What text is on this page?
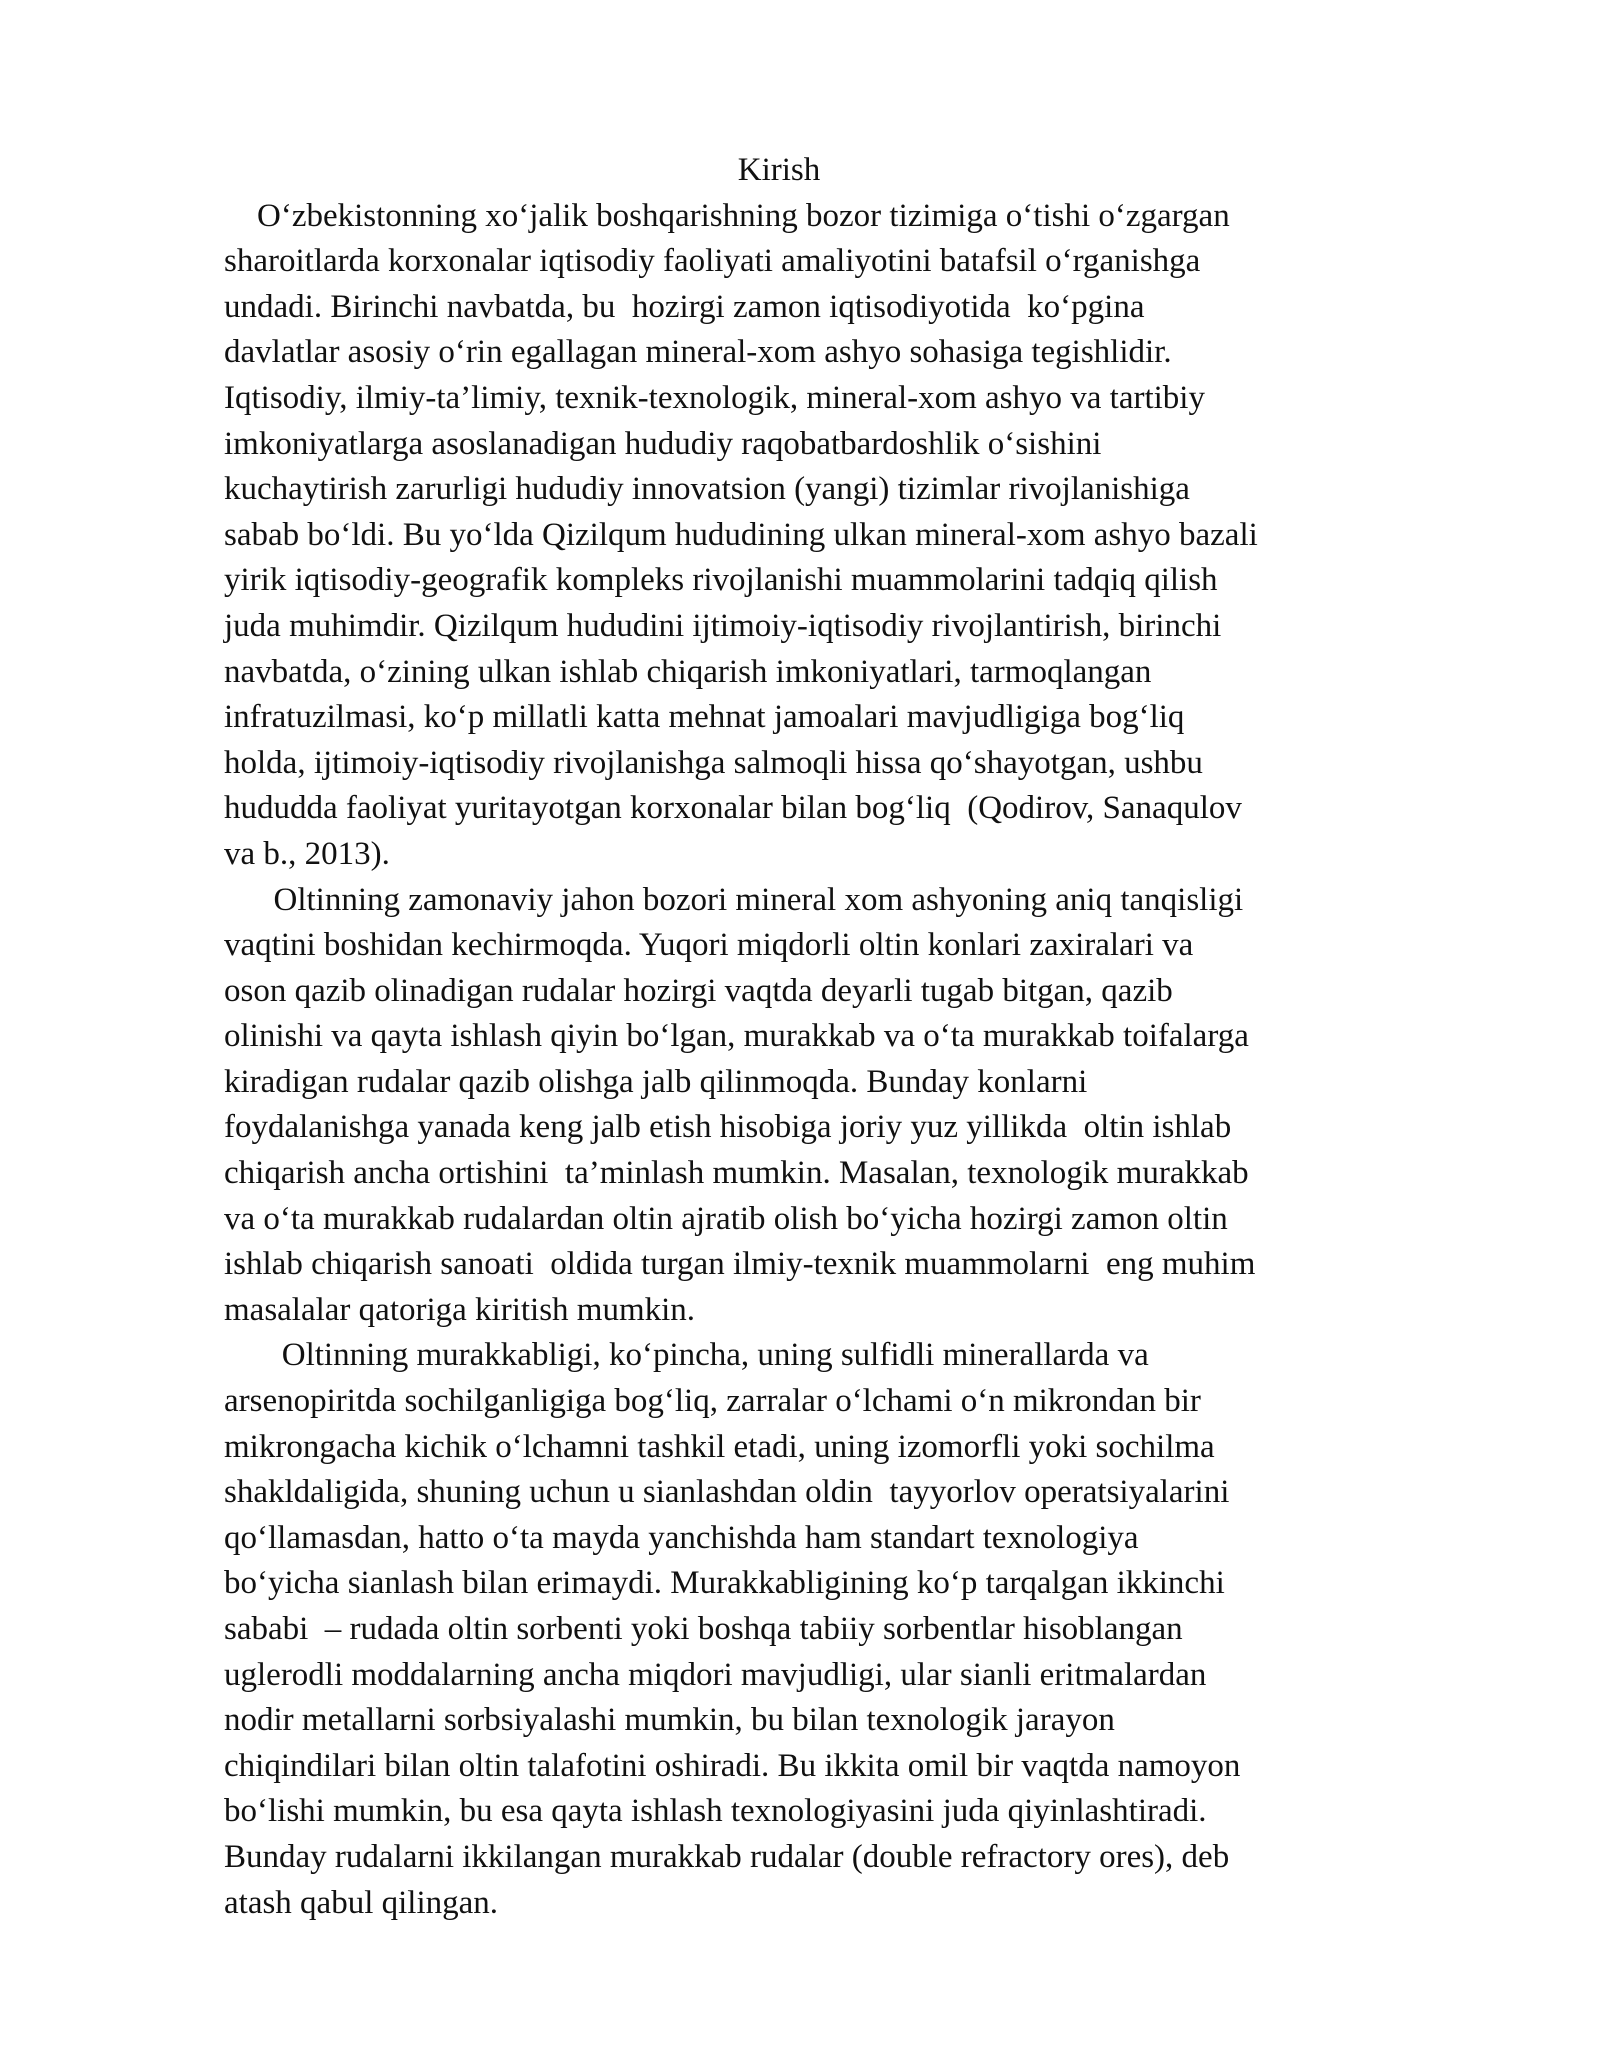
Kirish
Oʻzbekistonning xoʻjalik boshqarishning bozor tizimiga oʻtishi oʻzgargan
sharoitlarda korxonalar iqtisodiy faoliyati amaliyotini batafsil oʻrganishga
undadi. Birinchi navbatda, bu  hozirgi zamon iqtisodiyotida  koʻpgina
davlatlar asosiy oʻrin egallagan mineral-xom ashyo sohasiga tegishlidir.
Iqtisodiy, ilmiy-ta’limiy, texnik-texnologik, mineral-xom ashyo va tartibiy
imkoniyatlarga asoslanadigan hududiy raqobatbardoshlik oʻsishini
kuchaytirish zarurligi hududiy innovatsion (yangi) tizimlar rivojlanishiga
sabab boʻldi. Bu yoʻlda Qizilqum hududining ulkan mineral-xom ashyo bazali
yirik iqtisodiy-geografik kompleks rivojlanishi muammolarini tadqiq qilish
juda muhimdir. Qizilqum hududini ijtimoiy-iqtisodiy rivojlantirish, birinchi
navbatda, oʻzining ulkan ishlab chiqarish imkoniyatlari, tarmoqlangan
infratuzilmasi, koʻp millatli katta mehnat jamoalari mavjudligiga bogʻliq
holda, ijtimoiy-iqtisodiy rivojlanishga salmoqli hissa qoʻshayotgan, ushbu
hududda faoliyat yuritayotgan korxonalar bilan bogʻliq  (Qodirov, Sanaqulov
va b., 2013).
Oltinning zamonaviy jahon bozori mineral xom ashyoning aniq tanqisligi
vaqtini boshidan kechirmoqda. Yuqori miqdorli oltin konlari zaxiralari va
oson qazib olinadigan rudalar hozirgi vaqtda deyarli tugab bitgan, qazib
olinishi va qayta ishlash qiyin boʻlgan, murakkab va oʻta murakkab toifalarga
kiradigan rudalar qazib olishga jalb qilinmoqda. Bunday konlarni
foydalanishga yanada keng jalb etish hisobiga joriy yuz yillikda  oltin ishlab
chiqarish ancha ortishini  ta’minlash mumkin. Masalan, texnologik murakkab
va oʻta murakkab rudalardan oltin ajratib olish boʻyicha hozirgi zamon oltin
ishlab chiqarish sanoati  oldida turgan ilmiy-texnik muammolarni  eng muhim
masalalar qatoriga kiritish mumkin.
Oltinning murakkabligi, koʻpincha, uning sulfidli minerallarda va
arsenopiritda sochilganligiga bogʻliq, zarralar oʻlchami oʻn mikrondan bir
mikrongacha kichik oʻlchamni tashkil etadi, uning izomorfli yoki sochilma
shakldaligida, shuning uchun u sianlashdan oldin  tayyorlov operatsiyalarini
qoʻllamasdan, hatto oʻta mayda yanchishda ham standart texnologiya
boʻyicha sianlash bilan erimaydi. Murakkabligining koʻp tarqalgan ikkinchi
sababi  – rudada oltin sorbenti yoki boshqa tabiiy sorbentlar hisoblangan
uglerodli moddalarning ancha miqdori mavjudligi, ular sianli eritmalardan
nodir metallarni sorbsiyalashi mumkin, bu bilan texnologik jarayon
chiqindilari bilan oltin talafotini oshiradi. Bu ikkita omil bir vaqtda namoyon
boʻlishi mumkin, bu esa qayta ishlash texnologiyasini juda qiyinlashtiradi.
Bunday rudalarni ikkilangan murakkab rudalar (double refractory ores), deb
atash qabul qilingan.
